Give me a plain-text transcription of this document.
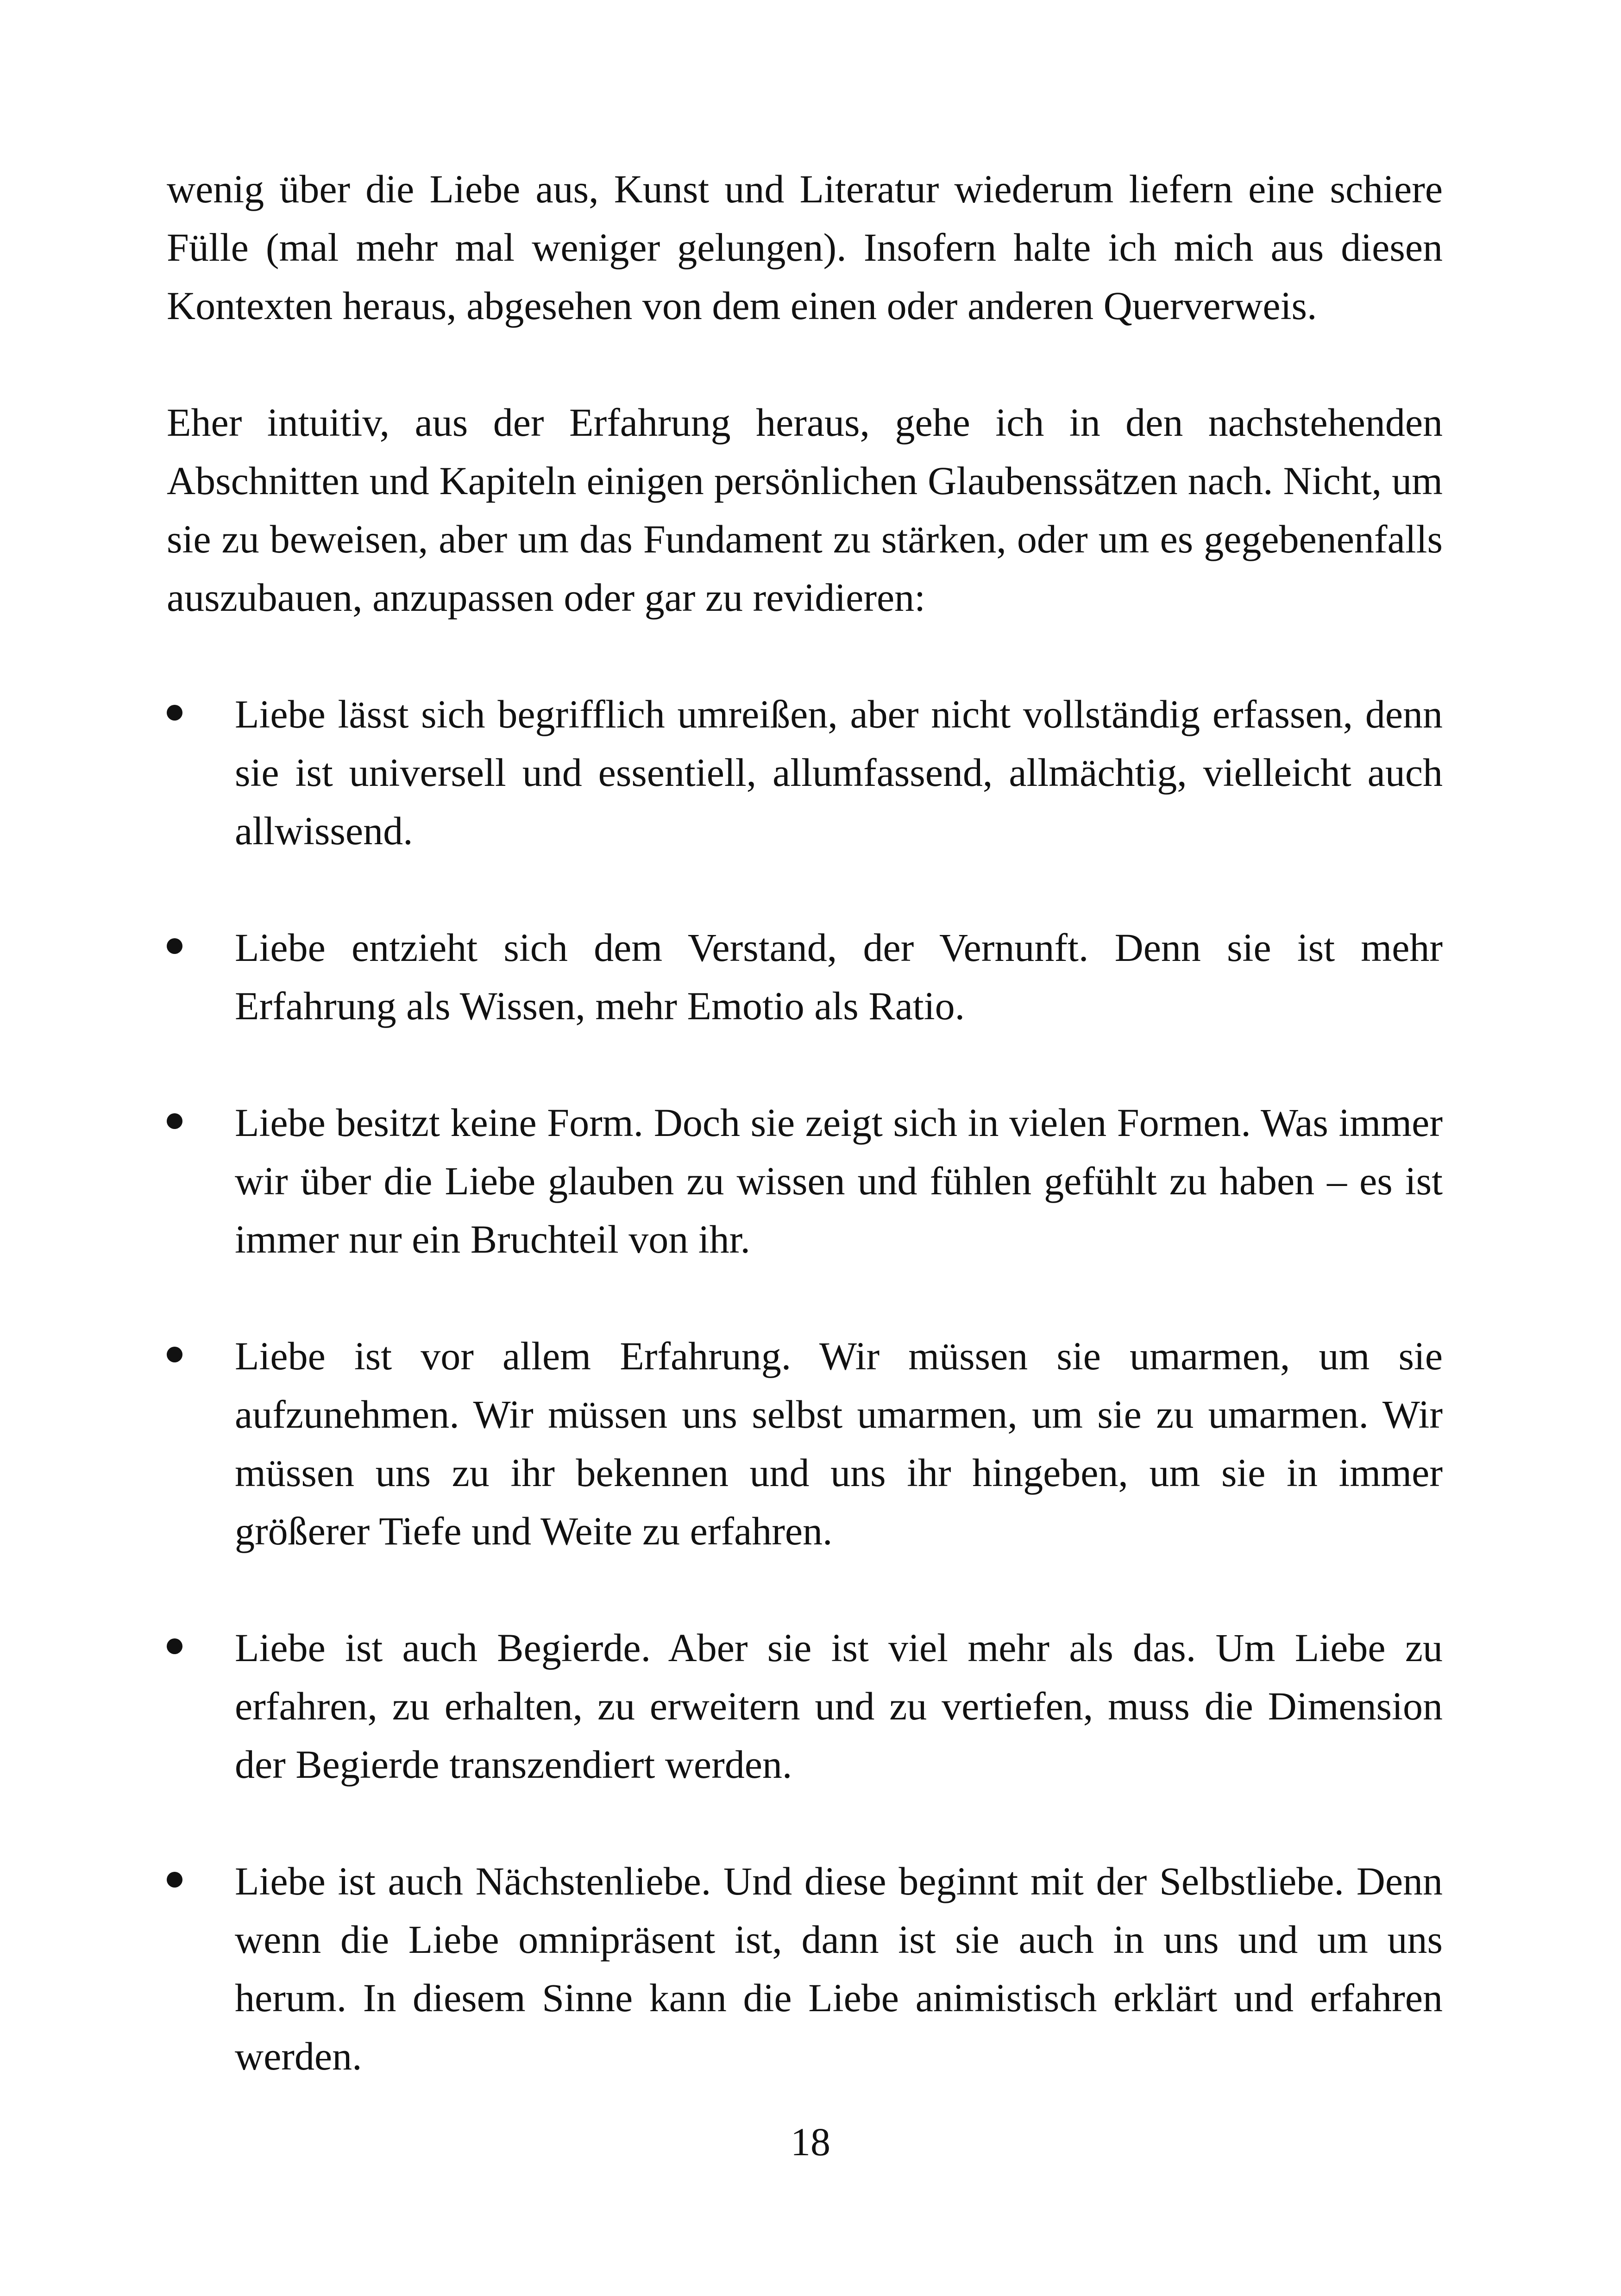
wenig über die Liebe aus, Kunst und Literatur wiederum liefern eine schiere Fülle (mal mehr mal weniger gelungen). Insofern halte ich mich aus diesen Kontexten heraus, abgesehen von dem einen oder anderen Querverweis.

Eher intuitiv, aus der Erfahrung heraus, gehe ich in den nachstehenden Abschnitten und Kapiteln einigen persönlichen Glaubenssätzen nach. Nicht, um sie zu beweisen, aber um das Fundament zu stärken, oder um es gegebenenfalls auszubauen, anzupassen oder gar zu revidieren:

Liebe lässt sich begrifflich umreißen, aber nicht vollständig erfassen, denn sie ist universell und essentiell, allumfassend, allmächtig, vielleicht auch allwissend.
Liebe entzieht sich dem Verstand, der Vernunft. Denn sie ist mehr Erfahrung als Wissen, mehr Emotio als Ratio.
Liebe besitzt keine Form. Doch sie zeigt sich in vielen Formen. Was immer wir über die Liebe glauben zu wissen und fühlen gefühlt zu haben – es ist immer nur ein Bruchteil von ihr.
Liebe ist vor allem Erfahrung. Wir müssen sie umarmen, um sie aufzunehmen. Wir müssen uns selbst umarmen, um sie zu umarmen. Wir müssen uns zu ihr bekennen und uns ihr hingeben, um sie in immer größerer Tiefe und Weite zu erfahren.
Liebe ist auch Begierde. Aber sie ist viel mehr als das. Um Liebe zu erfahren, zu erhalten, zu erweitern und zu vertiefen, muss die Dimension der Begierde transzendiert werden.
Liebe ist auch Nächstenliebe. Und diese beginnt mit der Selbstliebe. Denn wenn die Liebe omnipräsent ist, dann ist sie auch in uns und um uns herum. In diesem Sinne kann die Liebe animistisch erklärt und erfahren werden.
18
